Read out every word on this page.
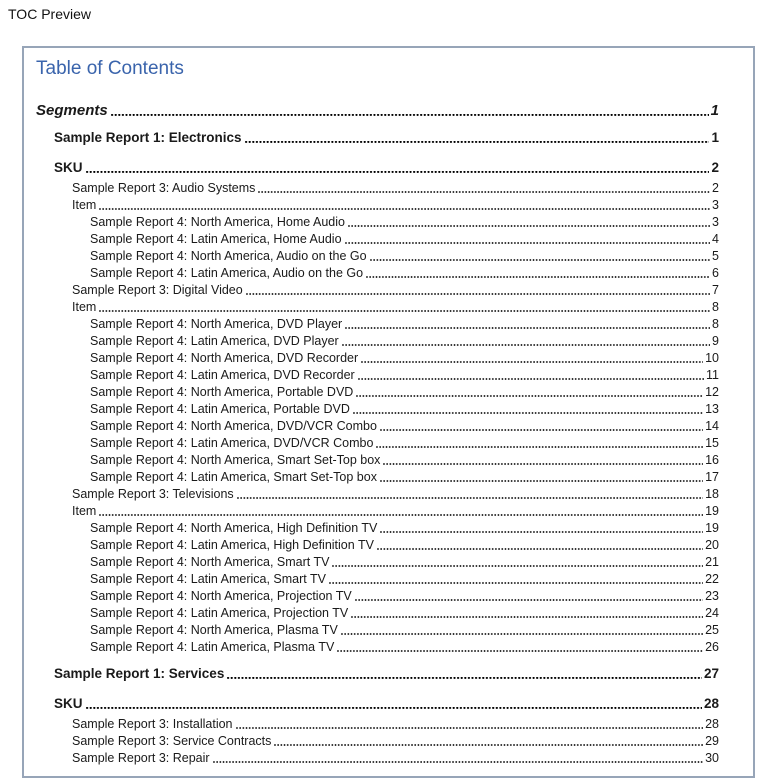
TOC Preview
Table of Contents
Segments	1
Sample Report 1: Electronics	1
SKU	2
Sample Report 3: Audio Systems	2
Item	3
Sample Report 4: North America, Home Audio	3
Sample Report 4: Latin America, Home Audio	4
Sample Report 4: North America, Audio on the Go	5
Sample Report 4: Latin America, Audio on the Go	6
Sample Report 3: Digital Video	7
Item	8
Sample Report 4: North America, DVD Player	8
Sample Report 4: Latin America, DVD Player	9
Sample Report 4: North America, DVD Recorder	10
Sample Report 4: Latin America, DVD Recorder	11
Sample Report 4: North America, Portable DVD	12
Sample Report 4: Latin America, Portable DVD	13
Sample Report 4: North America, DVD/VCR Combo	14
Sample Report 4: Latin America, DVD/VCR Combo	15
Sample Report 4: North America, Smart Set-Top box	16
Sample Report 4: Latin America, Smart Set-Top box	17
Sample Report 3: Televisions	18
Item	19
Sample Report 4: North America, High Definition TV	19
Sample Report 4: Latin America, High Definition TV	20
Sample Report 4: North America, Smart TV	21
Sample Report 4: Latin America, Smart TV	22
Sample Report 4: North America, Projection TV	23
Sample Report 4: Latin America, Projection TV	24
Sample Report 4: North America, Plasma TV	25
Sample Report 4: Latin America, Plasma TV	26
Sample Report 1: Services	27
SKU	28
Sample Report 3: Installation	28
Sample Report 3: Service Contracts	29
Sample Report 3: Repair	30
